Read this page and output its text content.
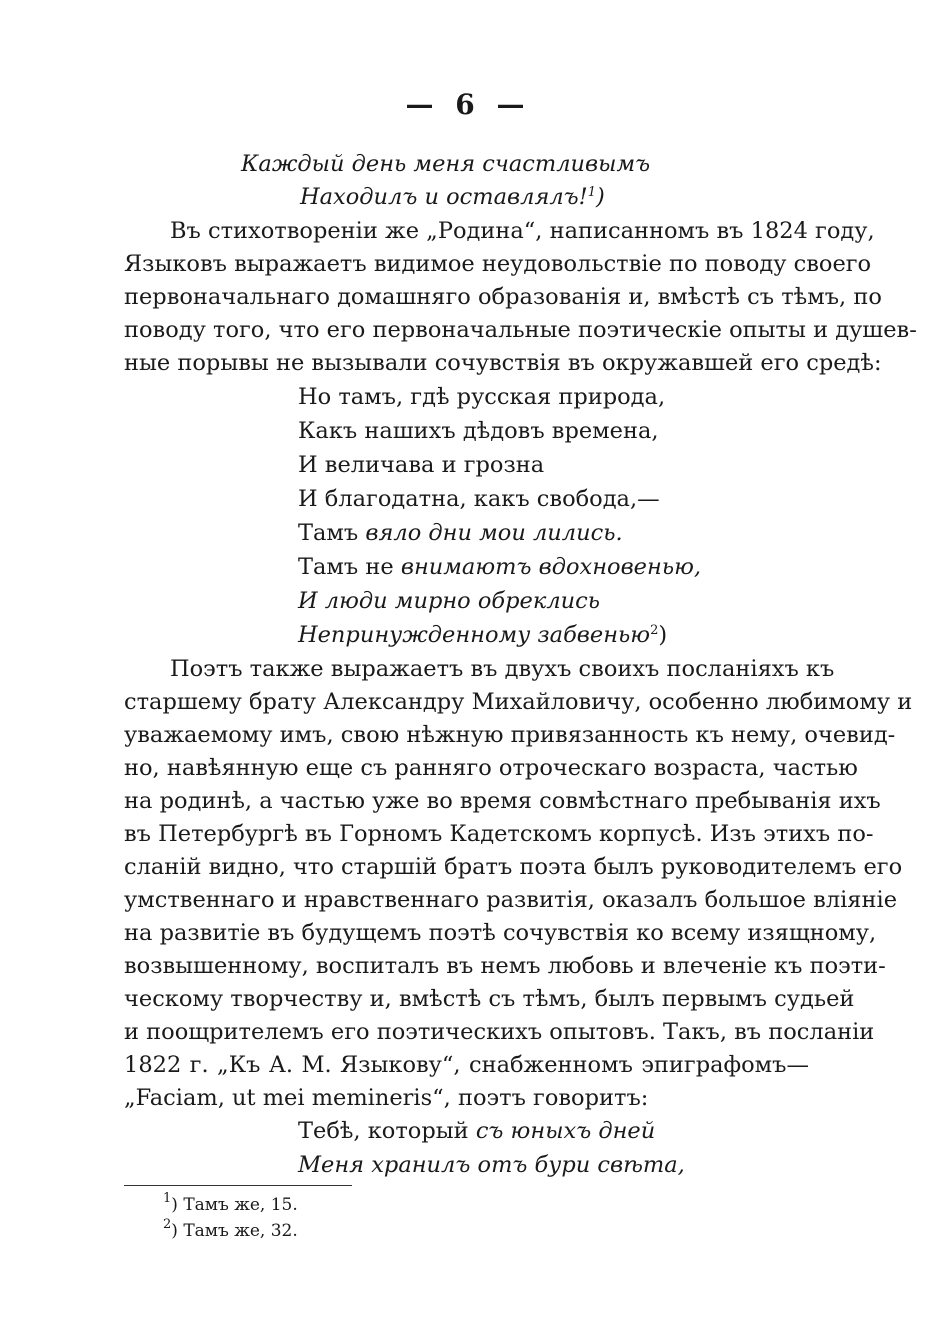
— 6 —
Каждый день меня счастливымъ
Находилъ и оставлялъ!$^1$)
Въ стихотвореніи же „Родина“, написанномъ въ 1824 году,
Языковъ выражаетъ видимое неудовольствіе по поводу своего
первоначальнаго домашняго образованія и, вмѣстѣ съ тѣмъ, по
поводу того, что его первоначальные поэтическіе опыты и душев-
ные порывы не вызывали сочувствія въ окружавшей его средѣ:
Но тамъ, гдѣ русская природа,
Какъ нашихъ дѣдовъ времена,
И величава и грозна
И благодатна, какъ свобода,—
Тамъ вяло дни мои лились.
Тамъ не внимаютъ вдохновенью,
И люди мирно обреклись
Непринужденному забвенью$^2$)
Поэтъ также выражаетъ въ двухъ своихъ посланіяхъ къ
старшему брату Александру Михайловичу, особенно любимому и
уважаемому имъ, свою нѣжную привязанность къ нему, очевид-
но, навѣянную еще съ ранняго отроческаго возраста, частью
на родинѣ, а частью уже во время совмѣстнаго пребыванія ихъ
въ Петербургѣ въ Горномъ Кадетскомъ корпусѣ. Изъ этихъ по-
сланій видно, что старшій братъ поэта былъ руководителемъ его
умственнаго и нравственнаго развитія, оказалъ большое вліяніе
на развитіе въ будущемъ поэтѣ сочувствія ко всему изящному,
возвышенному, воспиталъ въ немъ любовь и влеченіе къ поэти-
ческому творчеству и, вмѣстѣ съ тѣмъ, былъ первымъ судьей
и поощрителемъ его поэтическихъ опытовъ. Такъ, въ посланіи
1822 г. „Къ А. М. Языкову“, снабженномъ эпиграфомъ—
„Faciam, ut mei memineris“, поэтъ говоритъ:
Тебѣ, который съ юныхъ дней
Меня хранилъ отъ бури свѣта,
$^1$) Тамъ же, 15.
$^2$) Тамъ же, 32.
